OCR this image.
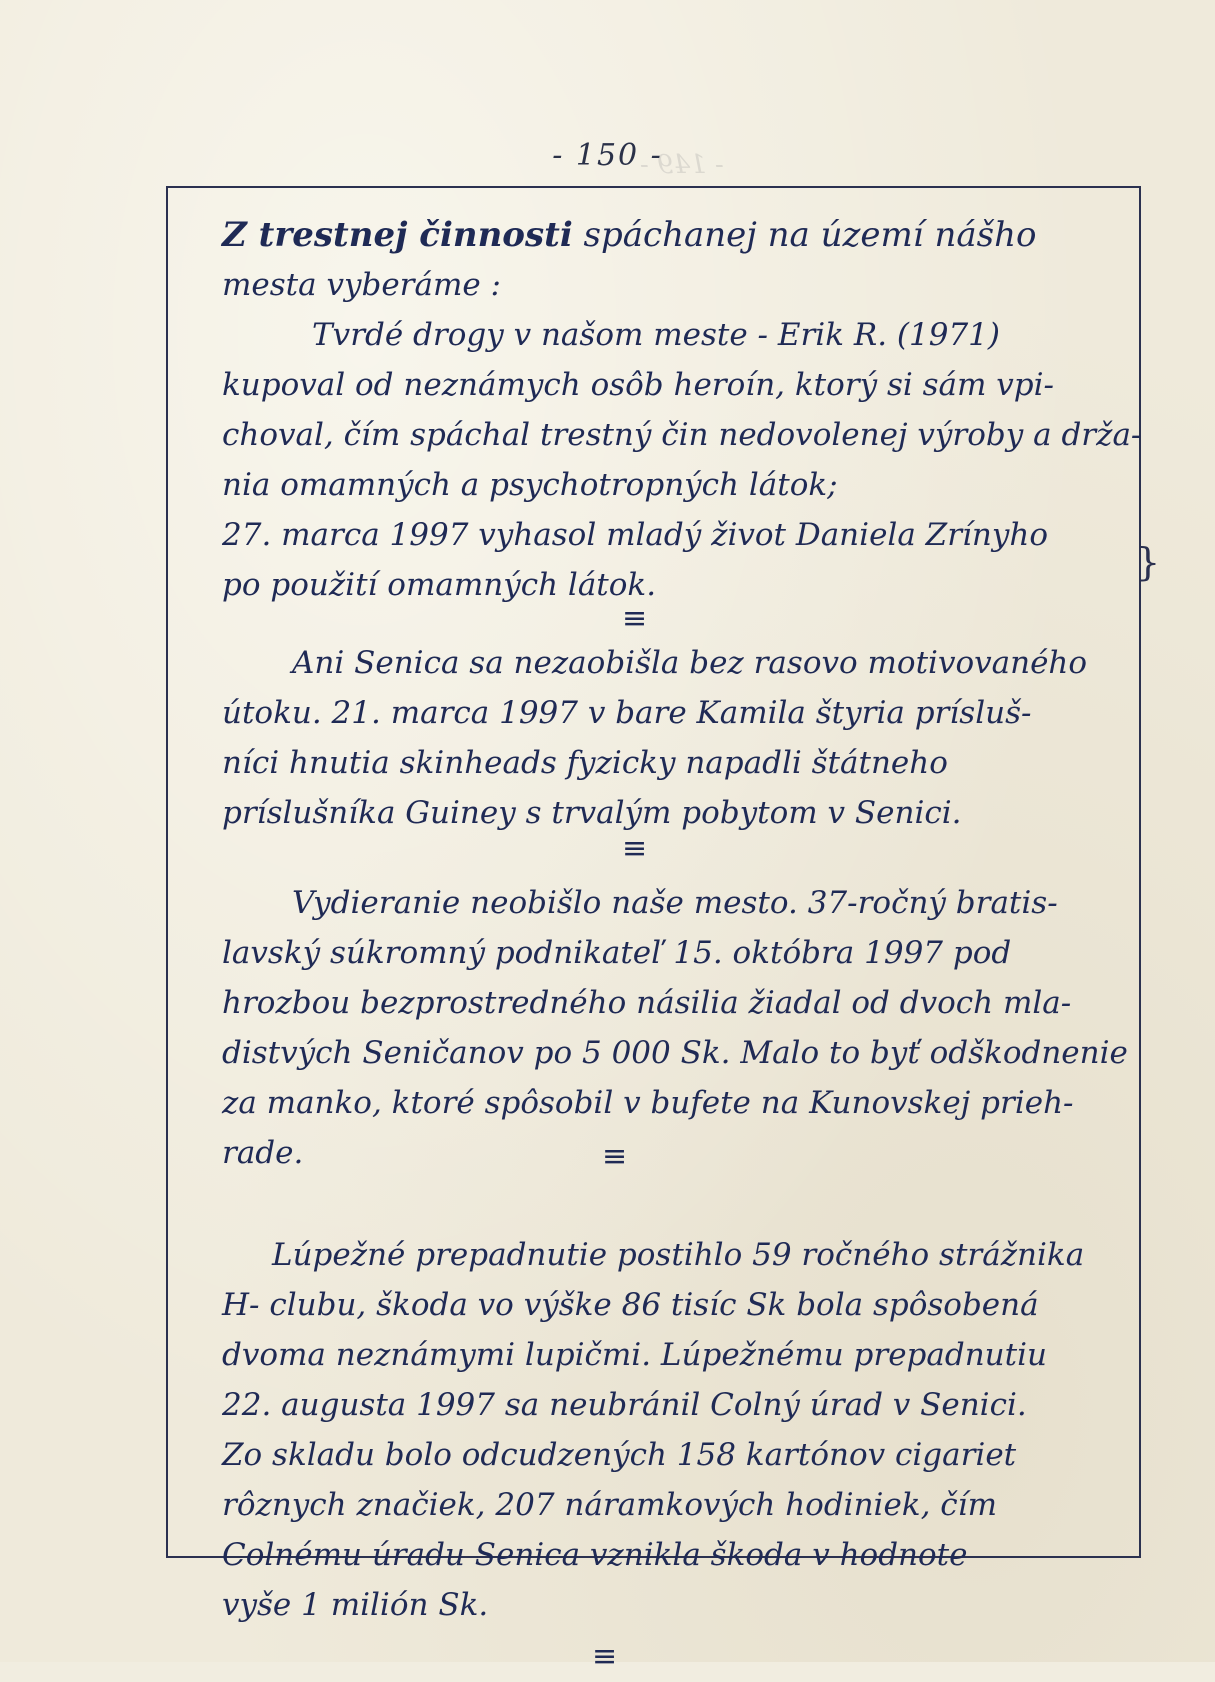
- 149 -
- 150 -
}
Z trestnej činnosti spáchanej na území nášho
mesta vyberáme :
Tvrdé drogy v našom meste - Erik R. (1971)
kupoval od neznámych osôb heroín, ktorý si sám vpi-
choval, čím spáchal trestný čin nedovolenej výroby a drža-
nia omamných a psychotropných látok;
27. marca 1997 vyhasol mladý život Daniela Zrínyho
po použití omamných látok.
≡
Ani Senica sa nezaobišla bez rasovo motivovaného
útoku. 21. marca 1997 v bare Kamila štyria prísluš-
níci hnutia skinheads fyzicky napadli štátneho
príslušníka Guiney s trvalým pobytom v Senici.
≡
Vydieranie neobišlo naše mesto. 37-ročný bratis-
lavský súkromný podnikateľ 15. októbra 1997 pod
hrozbou bezprostredného násilia žiadal od dvoch mla-
distvých Seničanov po 5 000 Sk. Malo to byť odškodnenie
za manko, ktoré spôsobil v bufete na Kunovskej prieh-
rade.	≡
Lúpežné prepadnutie postihlo 59 ročného strážnika
H- clubu, škoda vo výške 86 tisíc Sk bola spôsobená
dvoma neznámymi lupičmi. Lúpežnému prepadnutiu
22. augusta 1997 sa neubránil Colný úrad v Senici.
Zo skladu bolo odcudzených 158 kartónov cigariet
rôznych značiek, 207 náramkových hodiniek, čím
Colnému úradu Senica vznikla škoda v hodnote
vyše 1 milión Sk.
≡
